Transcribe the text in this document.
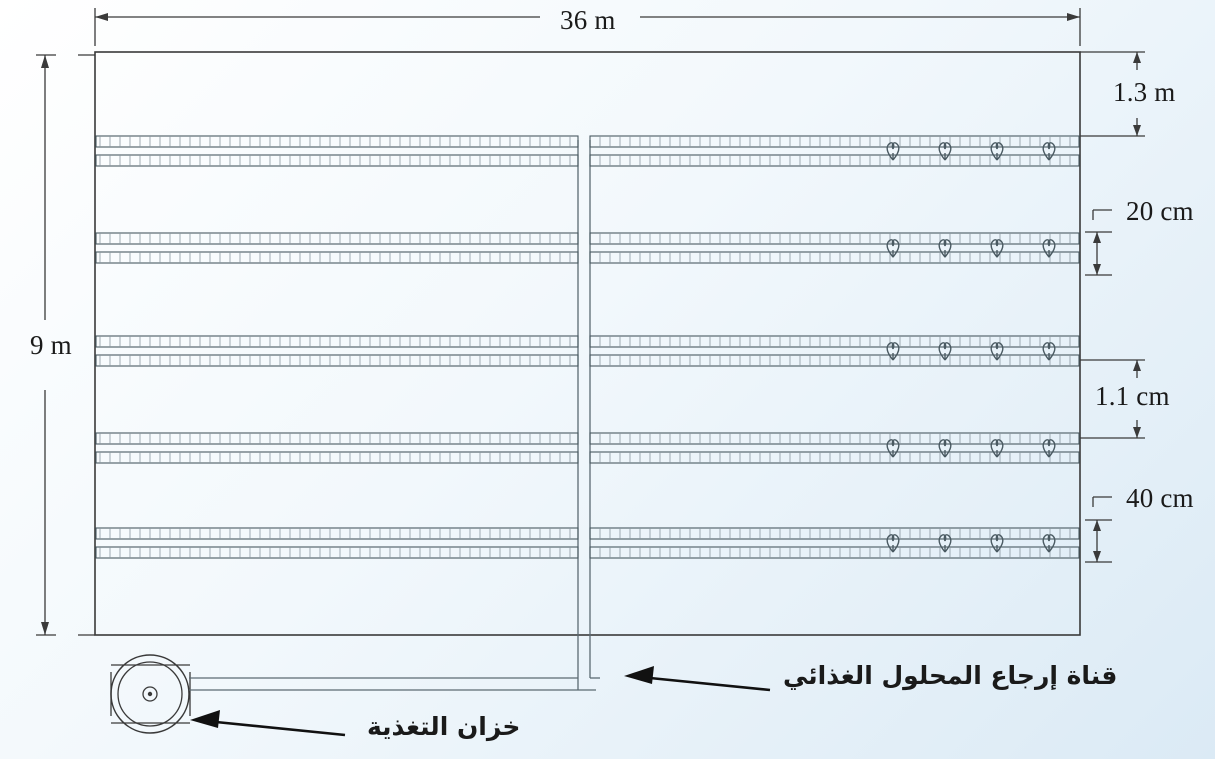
36 m
9 m
1.3 m
20 cm
1.1 cm
40 cm
قناة إرجاع المحلول الغذائي
خزان التغذية
